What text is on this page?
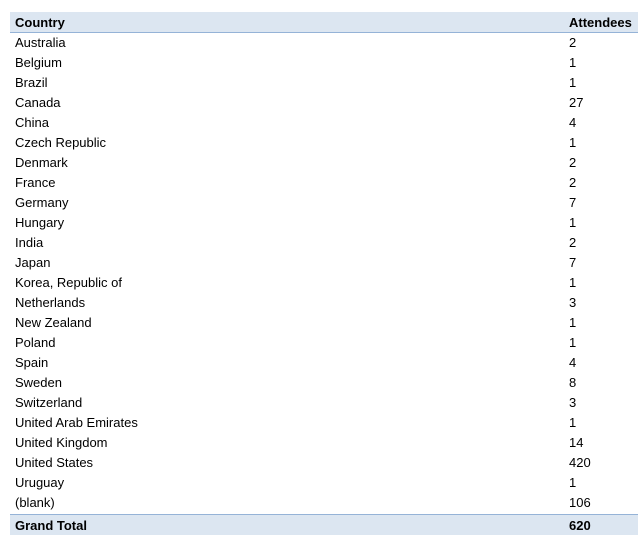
Country	Attendees
Australia	2
Belgium	1
Brazil	1
Canada	27
China	4
Czech Republic	1
Denmark	2
France	2
Germany	7
Hungary	1
India	2
Japan	7
Korea, Republic of	1
Netherlands	3
New Zealand	1
Poland	1
Spain	4
Sweden	8
Switzerland	3
United Arab Emirates	1
United Kingdom	14
United States	420
Uruguay	1
(blank)	106
Grand Total	620
